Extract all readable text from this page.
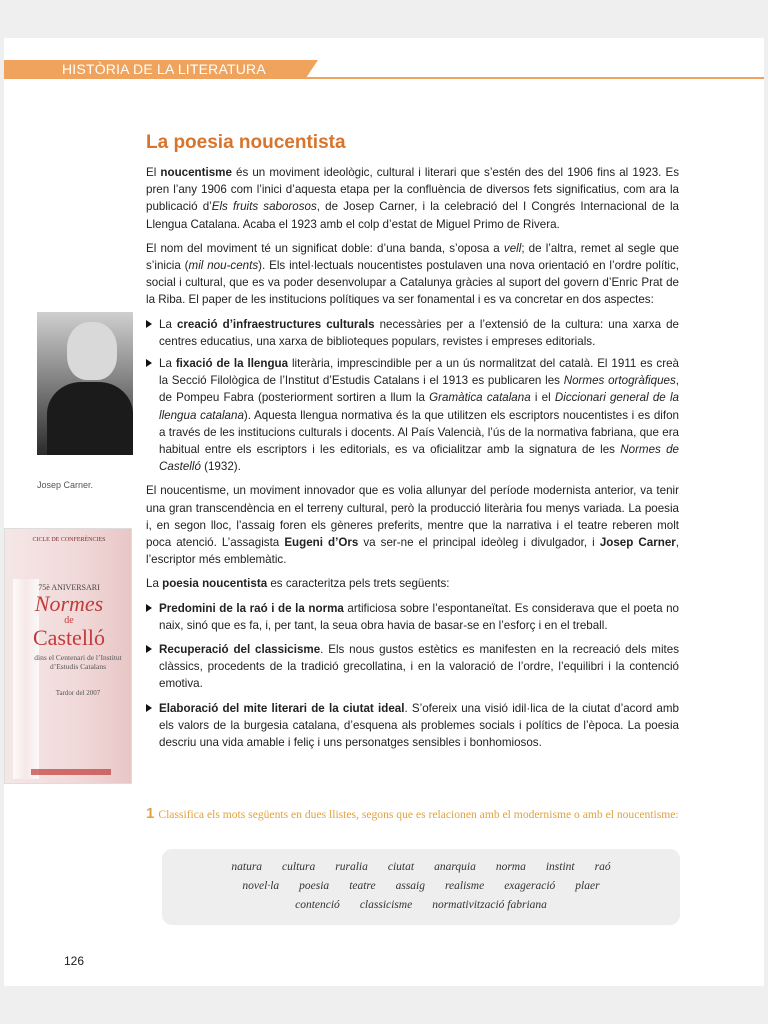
HISTÒRIA DE LA LITERATURA
La poesia noucentista
Josep Carner.
CICLE DE CONFERÈNCIES
75è ANIVERSARI
Normes
de
Castelló
dins el Centenari de l’Institut d’Estudis Catalans
Tardor del 2007

El noucentisme és un moviment ideològic, cultural i literari que s’estén des del 1906 fins al 1923. Es pren l’any 1906 com l’inici d’aquesta etapa per la confluència de diversos fets significatius, com ara la publicació d’Els fruits saborosos, de Josep Carner, i la celebració del I Congrés Internacional de la Llengua Catalana. Acaba el 1923 amb el colp d’estat de Miguel Primo de Rivera.

El nom del moviment té un significat doble: d’una banda, s’oposa a vell; de l’altra, remet al segle que s’inicia (mil nou-cents). Els intel·lectuals noucentistes postulaven una nova orientació en l’ordre polític, social i cultural, que es va poder desenvolupar a Catalunya gràcies al suport del govern d’Enric Prat de la Riba. El paper de les institucions polítiques va ser fonamental i es va concretar en dos aspectes:

La creació d’infraestructures culturals necessàries per a l’extensió de la cultura: una xarxa de centres educatius, una xarxa de biblioteques populars, revistes i empreses editorials.
La fixació de la llengua literària, imprescindible per a un ús normalitzat del català. El 1911 es creà la Secció Filològica de l’Institut d’Estudis Catalans i el 1913 es publicaren les Normes ortogràfiques, de Pompeu Fabra (posteriorment sortiren a llum la Gramàtica catalana i el Diccionari general de la llengua catalana). Aquesta llengua normativa és la que utilitzen els escriptors noucentistes i es difon a través de les institucions culturals i docents. Al País Valencià, l’ús de la normativa fabriana, que era habitual entre els escriptors i les editorials, es va oficialitzar amb la signatura de les Normes de Castelló (1932).

El noucentisme, un moviment innovador que es volia allunyar del període modernista anterior, va tenir una gran transcendència en el terreny cultural, però la producció literària fou menys variada. La poesia i, en segon lloc, l’assaig foren els gèneres preferits, mentre que la narrativa i el teatre reberen molt poca atenció. L’assagista Eugeni d’Ors va ser-ne el principal ideòleg i divulgador, i Josep Carner, l’escriptor més emblemàtic.

La poesia noucentista es caracteritza pels trets següents:

Predomini de la raó i de la norma artificiosa sobre l’espontaneïtat. Es considerava que el poeta no naix, sinó que es fa, i, per tant, la seua obra havia de basar-se en l’esforç i en el treball.
Recuperació del classicisme. Els nous gustos estètics es manifesten en la recreació dels mites clàssics, procedents de la tradició grecollatina, i en la valoració de l’ordre, l’equilibri i la contenció emotiva.
Elaboració del mite literari de la ciutat ideal. S’ofereix una visió idil·lica de la ciutat d’acord amb els valors de la burgesia catalana, d’esquena als problemes socials i polítics de l’època. La poesia descriu una vida amable i feliç i uns personatges sensibles i bonhomiosos.
1 Classifica els mots següents en dues llistes, segons que es relacionen amb el modernisme o amb el noucentisme:
natura cultura ruralia ciutat anarquia norma instint raó
novel·la poesia teatre assaig realisme exageració plaer
contenció classicisme normativització fabriana
126
